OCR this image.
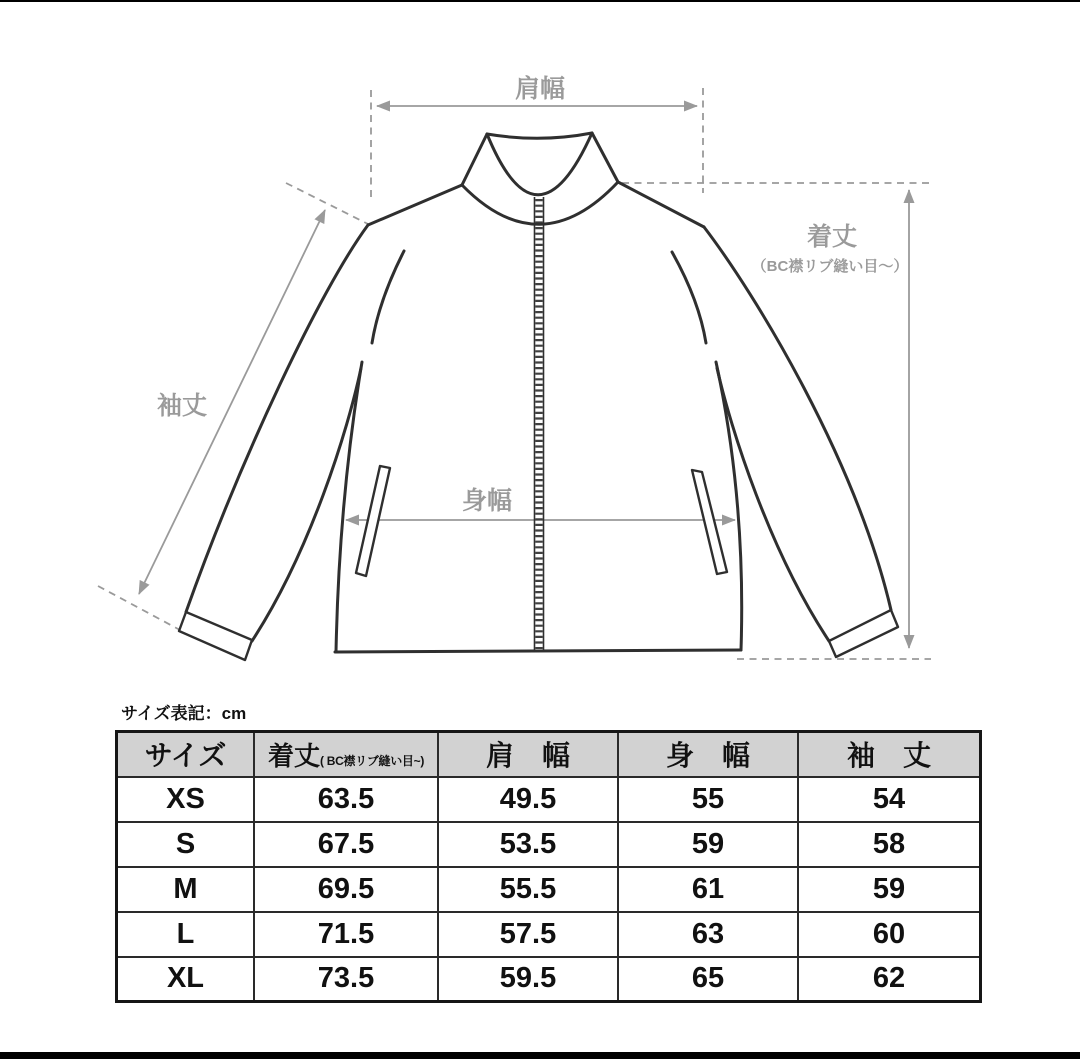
肩幅
着丈
（BC襟リブ縫い目～）
袖丈
身幅
サイズ表記：cm
サイズ	着丈( BC襟リブ縫い目~)	肩　幅	身　幅	袖　丈
XS	63.5	49.5	55	54
S	67.5	53.5	59	58
M	69.5	55.5	61	59
L	71.5	57.5	63	60
XL	73.5	59.5	65	62
